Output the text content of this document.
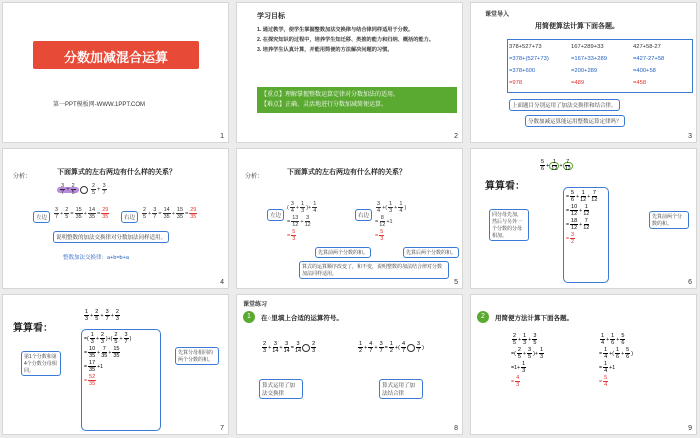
分数加减混合运算
第一PPT模板网-WWW.1PPT.COM
1
学习目标
1. 通过教学，使学生掌握整数加法交换律与结合律同样适用于分数。
2. 在探究知识的过程中，培养学生知迁移、类推的能力和归纳、概括的能力。
3. 培养学生认真计算，并能用简便的方法解决问题的习惯。
【重点】理解掌握整数运算定律对分数加法的适用。
【难点】正确、灵活地进行分数加减简便运算。
2
课堂导入
用简便算法计算下面各题。
378+527+73	167+289+33	427+58-27
=378+(527+73)	=167+33+289	=427-27+58
=378+600	=200+289	=400+58
=978	=489	=458
上面题目分别运用了加法交换律和结合律。
分数加减运算能运用整数运算定律吗？
3
分析：
下面算式的左右两边有什么样的关系？
$\frac{3}{7} + \frac{2}{5}$
	$\frac{2}{5} + \frac{3}{7}$
左边	$\frac{3}{7} + \frac{2}{5} = \frac{15}{35} + \frac{14}{35} = \frac{29}{35}$	右边	$\frac{2}{5} + \frac{3}{7} = \frac{14}{35} + \frac{15}{35} = \frac{29}{35}$
说明整数的加法交换律对分数加法同样适用。
整数加法交换律：a+b=b+a
4
分析：
下面算式的左右两边有什么样的关系？
左边	右边
( $\frac{3}{4} + \frac{1}{3}$ )+ $\frac{1}{4}$
= $\frac{13}{12} + \frac{3}{12}$
= $\frac{5}{3}$
$\frac{3}{4}$ +( $\frac{1}{3} + \frac{1}{4}$ )
= $\frac{8}{12} +1$
= $\frac{5}{3}$
先算前两个分数的和。	先算后两个分数的和。
算式的运算顺序改变了，和不变，说明整数的加法结合律对分数加法同样适用。
5
算算看：
$\frac{5}{6} + \frac{1}{12} + \frac{7}{12}$
= $\frac{5}{6} + \frac{1}{12} + \frac{7}{12}$
= $\frac{10}{12} + \frac{1}{12}$
= $\frac{18}{12} + \frac{7}{12}$
= $\frac{3}{2}$
同分母先加，然后与另外一个分数的分母相加。
先算前两个分数的和。
6
算算看：
$\frac{1}{3} + \frac{2}{5} + \frac{3}{7} + \frac{2}{3}$
=( $\frac{1}{3} + \frac{2}{3}$ )+( $\frac{2}{5} + \frac{3}{7}$ )
= $\frac{10}{35} + \frac{7}{35} + \frac{15}{35}$
= $\frac{17}{35} +1$
= $\frac{52}{35}$
第1个分数和第4个分数分母相同。
先算分母相同的两个分数的和。
7
课堂练习
1	在○里填上合适的运算符号。
$\frac{2}{3} + \frac{3}{14} + \frac{3}{14} = \frac{3}{14} \frac{2}{3}$	$\frac{1}{2} + \frac{4}{7} + \frac{3}{7} = \frac{1}{2}$ +( $\frac{4}{7} \frac{3}{7}$ )
算式运用了加法交换律
算式运用了加法结合律
8
2	用简便方法计算下面各题。
$\frac{2}{5} + \frac{1}{3} + \frac{3}{5}$
=( $\frac{2}{5} + \frac{3}{5}$ )+ $\frac{1}{3}$
$=1+ \frac{1}{3}$
= $\frac{4}{3}$
$\frac{1}{4} + \frac{1}{6} + \frac{5}{6}$
= $\frac{1}{4}$ +( $\frac{1}{6} + \frac{5}{6}$ )
= $\frac{1}{4} +1$
= $\frac{5}{4}$
9
